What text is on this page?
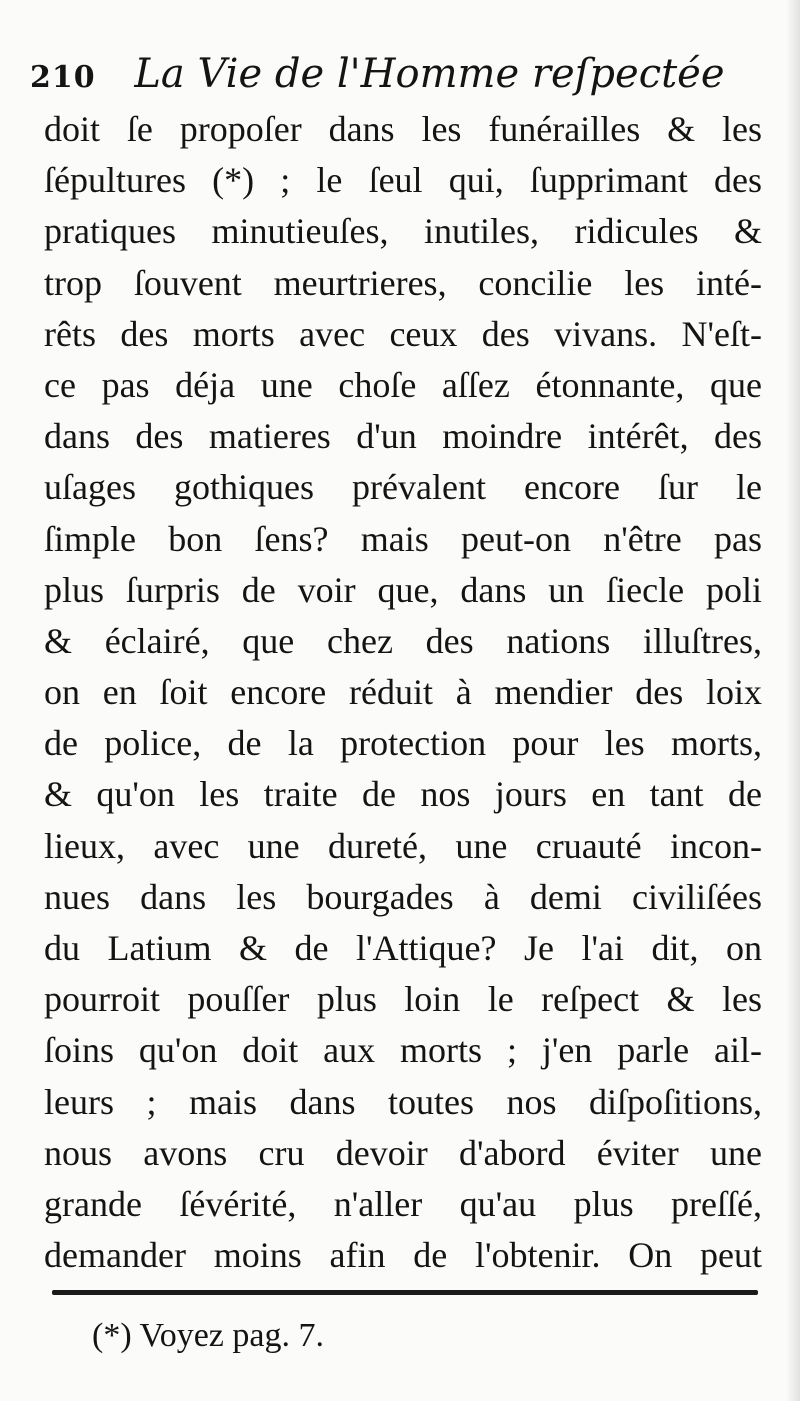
210 La Vie de l'Homme reſpectée
doit ſe propoſer dans les funérailles & les
ſépultures (*) ; le ſeul qui, ſupprimant des
pratiques minutieuſes, inutiles, ridicules &
trop ſouvent meurtrieres, concilie les inté-
rêts des morts avec ceux des vivans. N'eſt-
ce pas déja une choſe aſſez étonnante, que
dans des matieres d'un moindre intérêt, des
uſages gothiques prévalent encore ſur le
ſimple bon ſens? mais peut-on n'être pas
plus ſurpris de voir que, dans un ſiecle poli
& éclairé, que chez des nations illuſtres,
on en ſoit encore réduit à mendier des loix
de police, de la protection pour les morts,
& qu'on les traite de nos jours en tant de
lieux, avec une dureté, une cruauté incon-
nues dans les bourgades à demi civiliſées
du Latium & de l'Attique? Je l'ai dit, on
pourroit pouſſer plus loin le reſpect & les
ſoins qu'on doit aux morts ; j'en parle ail-
leurs ; mais dans toutes nos diſpoſitions,
nous avons cru devoir d'abord éviter une
grande ſévérité, n'aller qu'au plus preſſé,
demander moins afin de l'obtenir. On peut
(*) Voyez pag. 7.
